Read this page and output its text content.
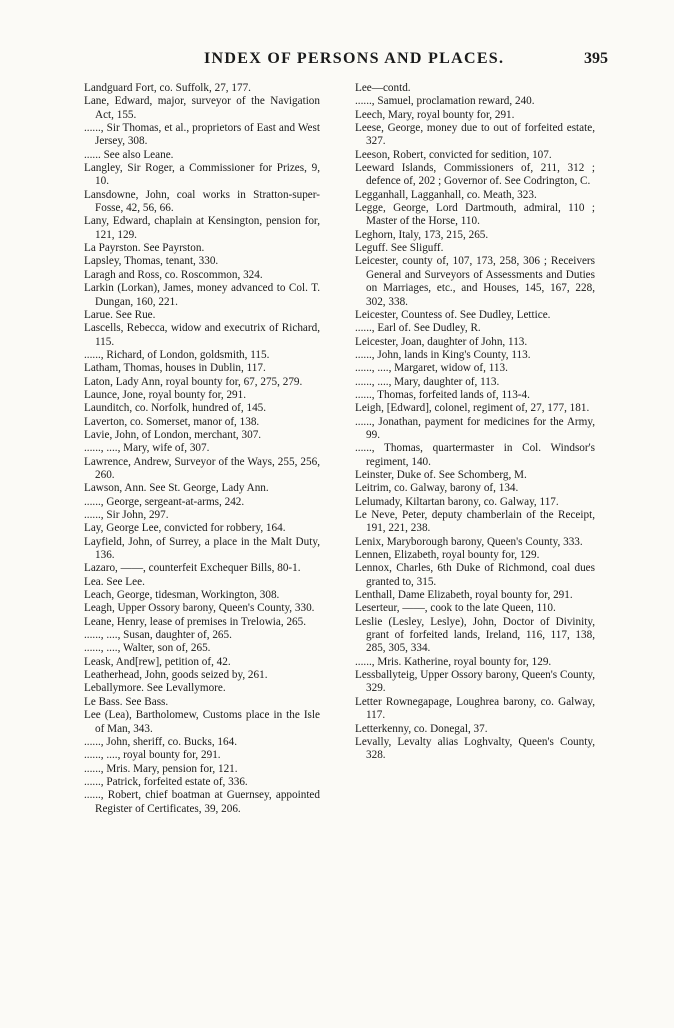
INDEX OF PERSONS AND PLACES.	395

Landguard Fort, co. Suffolk, 27, 177.

Lane, Edward, major, surveyor of the Navigation Act, 155.

......, Sir Thomas, et al., proprietors of East and West Jersey, 308.

...... See also Leane.

Langley, Sir Roger, a Commissioner for Prizes, 9, 10.

Lansdowne, John, coal works in Stratton-super-Fosse, 42, 56, 66.

Lany, Edward, chaplain at Kensington, pension for, 121, 129.

La Payrston. See Payrston.

Lapsley, Thomas, tenant, 330.

Laragh and Ross, co. Roscommon, 324.

Larkin (Lorkan), James, money advanced to Col. T. Dungan, 160, 221.

Larue. See Rue.

Lascells, Rebecca, widow and executrix of Richard, 115.

......, Richard, of London, goldsmith, 115.

Latham, Thomas, houses in Dublin, 117.

Laton, Lady Ann, royal bounty for, 67, 275, 279.

Launce, Jone, royal bounty for, 291.

Launditch, co. Norfolk, hundred of, 145.

Laverton, co. Somerset, manor of, 138.

Lavie, John, of London, merchant, 307.

......, ...., Mary, wife of, 307.

Lawrence, Andrew, Surveyor of the Ways, 255, 256, 260.

Lawson, Ann. See St. George, Lady Ann.

......, George, sergeant-at-arms, 242.

......, Sir John, 297.

Lay, George Lee, convicted for robbery, 164.

Layfield, John, of Surrey, a place in the Malt Duty, 136.

Lazaro, ——, counterfeit Exchequer Bills, 80-1.

Lea. See Lee.

Leach, George, tidesman, Workington, 308.

Leagh, Upper Ossory barony, Queen's County, 330.

Leane, Henry, lease of premises in Trelowia, 265.

......, ...., Susan, daughter of, 265.

......, ...., Walter, son of, 265.

Leask, And[rew], petition of, 42.

Leatherhead, John, goods seized by, 261.

Leballymore. See Levallymore.

Le Bass. See Bass.

Lee (Lea), Bartholomew, Customs place in the Isle of Man, 343.

......, John, sheriff, co. Bucks, 164.

......, ...., royal bounty for, 291.

......, Mris. Mary, pension for, 121.

......, Patrick, forfeited estate of, 336.

......, Robert, chief boatman at Guernsey, appointed Register of Certificates, 39, 206.

Lee—contd.

......, Samuel, proclamation reward, 240.

Leech, Mary, royal bounty for, 291.

Leese, George, money due to out of forfeited estate, 327.

Leeson, Robert, convicted for sedition, 107.

Leeward Islands, Commissioners of, 211, 312 ; defence of, 202 ; Governor of. See Codrington, C.

Legganhall, Lagganhall, co. Meath, 323.

Legge, George, Lord Dartmouth, admiral, 110 ; Master of the Horse, 110.

Leghorn, Italy, 173, 215, 265.

Leguff. See Sliguff.

Leicester, county of, 107, 173, 258, 306 ; Receivers General and Surveyors of Assessments and Duties on Marriages, etc., and Houses, 145, 167, 228, 302, 338.

Leicester, Countess of. See Dudley, Lettice.

......, Earl of. See Dudley, R.

Leicester, Joan, daughter of John, 113.

......, John, lands in King's County, 113.

......, ...., Margaret, widow of, 113.

......, ...., Mary, daughter of, 113.

......, Thomas, forfeited lands of, 113-4.

Leigh, [Edward], colonel, regiment of, 27, 177, 181.

......, Jonathan, payment for medicines for the Army, 99.

......, Thomas, quartermaster in Col. Windsor's regiment, 140.

Leinster, Duke of. See Schomberg, M.

Leitrim, co. Galway, barony of, 134.

Lelumady, Kiltartan barony, co. Galway, 117.

Le Neve, Peter, deputy chamberlain of the Receipt, 191, 221, 238.

Lenix, Maryborough barony, Queen's County, 333.

Lennen, Elizabeth, royal bounty for, 129.

Lennox, Charles, 6th Duke of Richmond, coal dues granted to, 315.

Lenthall, Dame Elizabeth, royal bounty for, 291.

Leserteur, ——, cook to the late Queen, 110.

Leslie (Lesley, Leslye), John, Doctor of Divinity, grant of forfeited lands, Ireland, 116, 117, 138, 285, 305, 334.

......, Mris. Katherine, royal bounty for, 129.

Lessballyteig, Upper Ossory barony, Queen's County, 329.

Letter Rownegapage, Loughrea barony, co. Galway, 117.

Letterkenny, co. Donegal, 37.

Levally, Levalty alias Loghvalty, Queen's County, 328.
